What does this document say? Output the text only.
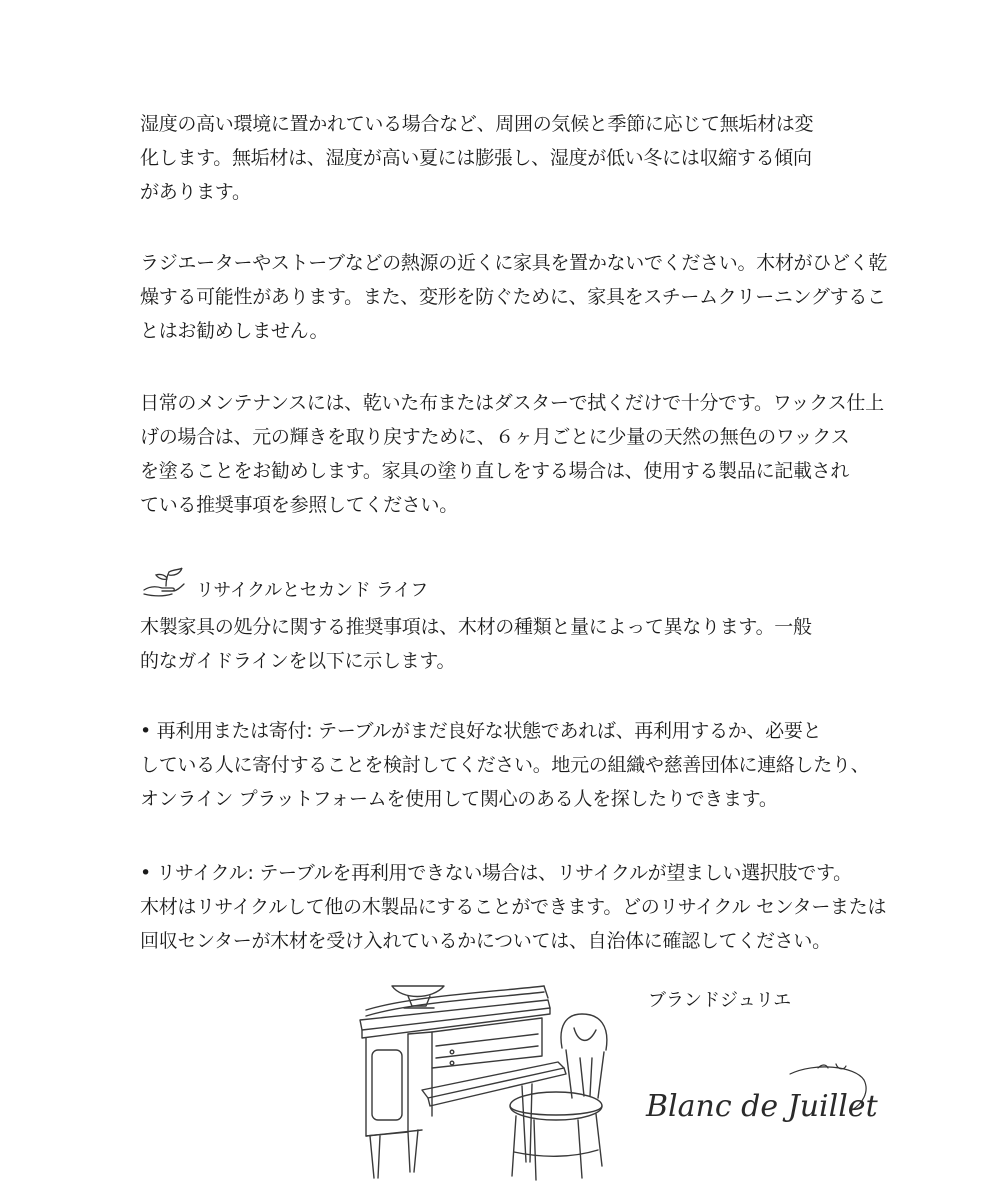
湿度の高い環境に置かれている場合など、周囲の気候と季節に応じて無垢材は変
化します。無垢材は、湿度が高い夏には膨張し、湿度が低い冬には収縮する傾向
があります。
ラジエーターやストーブなどの熱源の近くに家具を置かないでください。木材がひどく乾
燥する可能性があります。また、変形を防ぐために、家具をスチームクリーニングするこ
とはお勧めしません。
日常のメンテナンスには、乾いた布またはダスターで拭くだけで十分です。ワックス仕上
げの場合は、元の輝きを取り戻すために、６ヶ月ごとに少量の天然の無色のワックス
を塗ることをお勧めします。家具の塗り直しをする場合は、使用する製品に記載され
ている推奨事項を参照してください。
リサイクルとセカンド ライフ
木製家具の処分に関する推奨事項は、木材の種類と量によって異なります。一般
的なガイドラインを以下に示します。
• 再利用または寄付: テーブルがまだ良好な状態であれば、再利用するか、必要と
している人に寄付することを検討してください。地元の組織や慈善団体に連絡したり、
オンライン プラットフォームを使用して関心のある人を探したりできます。
• リサイクル: テーブルを再利用できない場合は、リサイクルが望ましい選択肢です。
木材はリサイクルして他の木製品にすることができます。どのリサイクル センターまたは
回収センターが木材を受け入れているかについては、自治体に確認してください。
ブランドジュリエ
Blanc de Juillet
